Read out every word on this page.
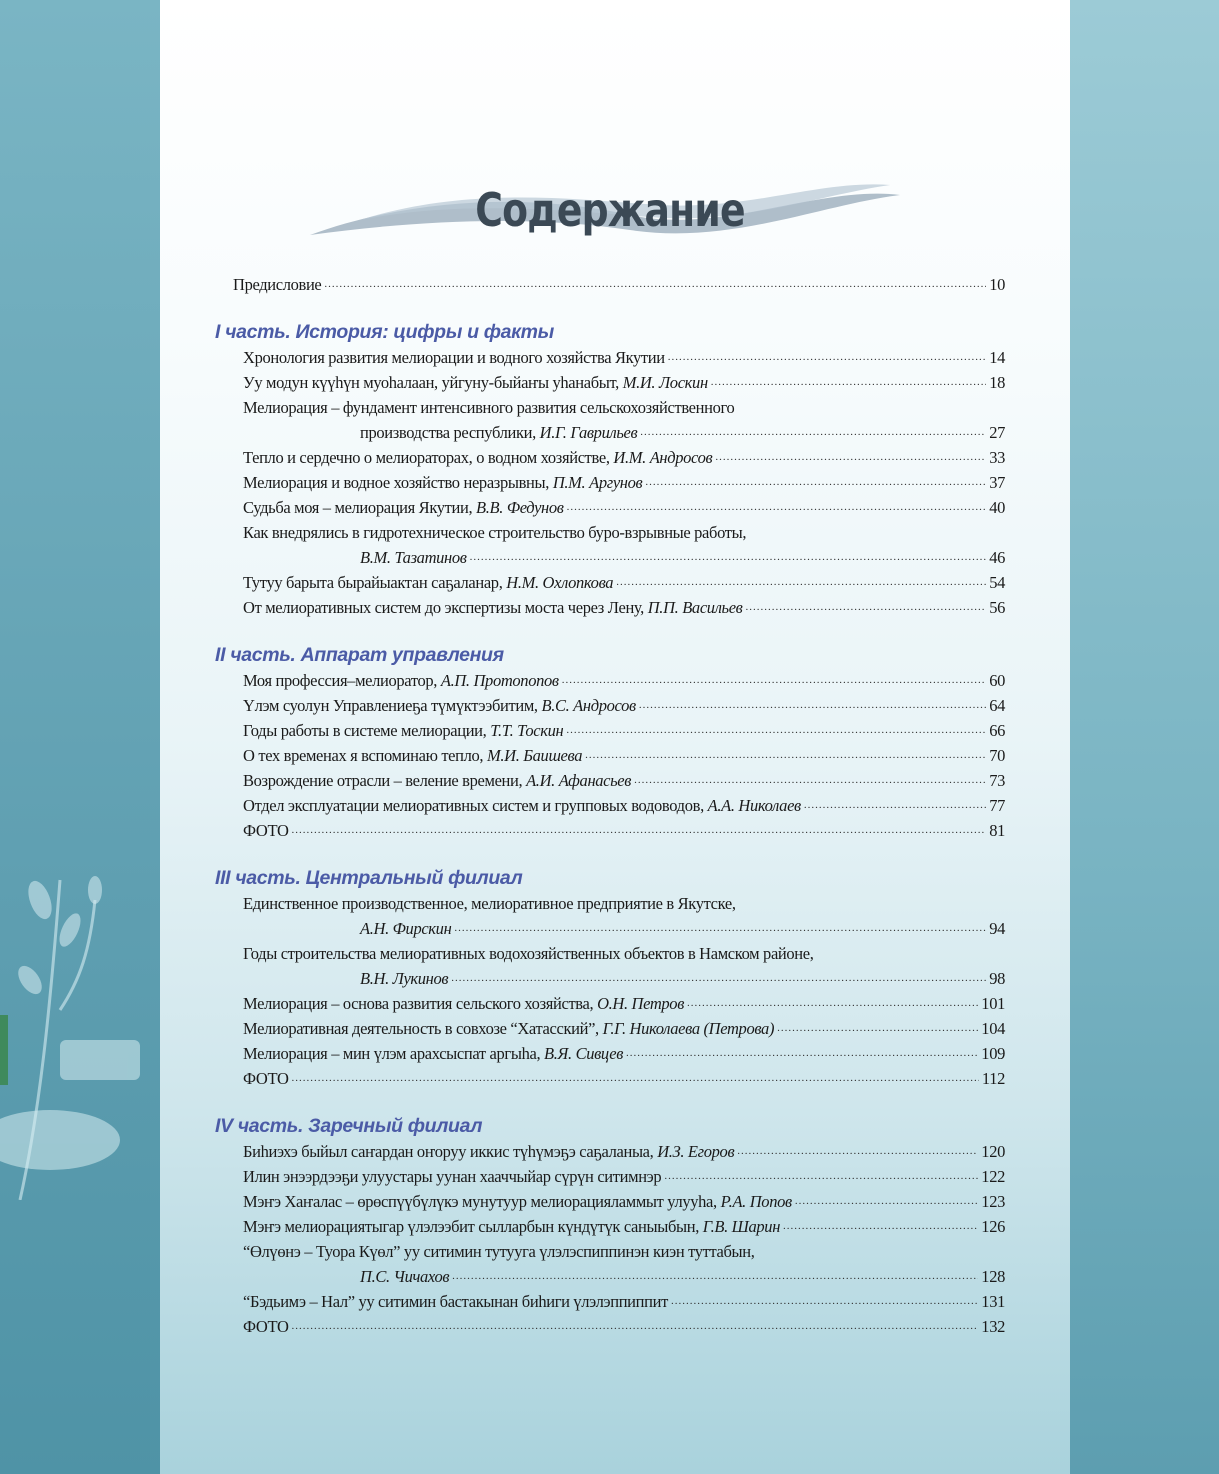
Содержание
Предисловие .....	10
I часть. История: цифры и факты
Хронология развития мелиорации и водного хозяйства Якутии .....	14
Уу модун күүһүн муоһалаан, уйгуну-быйаҥы уһанабыт, М.И. Лоскин .....	18
Мелиорация – фундамент интенсивного развития сельскохозяйственного
производства республики, И.Г. Гаврильев .....	27
Тепло и сердечно о мелиораторах, о водном хозяйстве, И.М. Андросов .....	33
Мелиорация и водное хозяйство неразрывны, П.М. Аргунов .....	37
Судьба моя – мелиорация Якутии, В.В. Федунов .....	40
Как внедрялись в гидротехническое строительство буро-взрывные работы,
В.М. Тазатинов .....	46
Тутуу барыта бырайыактан саҕаланар, Н.М. Охлопкова .....	54
От мелиоративных систем до экспертизы моста через Лену, П.П. Васильев .....	56
II часть. Аппарат управления
Моя профессия–мелиоратор, А.П. Протопопов .....	60
Үлэм суолун Управлениеҕа түмүктээбитим, В.С. Андросов .....	64
Годы работы в системе мелиорации, Т.Т. Тоскин .....	66
О тех временах я вспоминаю тепло, М.И. Баишева .....	70
Возрождение отрасли – веление времени, А.И. Афанасьев .....	73
Отдел эксплуатации мелиоративных систем и групповых водоводов, А.А. Николаев .....	77
ФОТО .....	81
III часть. Центральный филиал
Единственное производственное, мелиоративное предприятие в Якутске,
А.Н. Фирскин .....	94
Годы строительства мелиоративных водохозяйственных объектов в Намском районе,
В.Н. Лукинов .....	98
Мелиорация – основа развития сельского хозяйства, О.Н. Петров .....	101
Мелиоративная деятельность в совхозе “Хатасский”, Г.Г. Николаева (Петрова) .....	104
Мелиорация – мин үлэм арахсыспат аргыһа, В.Я. Сивцев .....	109
ФОТО .....	112
IV часть. Заречный филиал
Биһиэхэ быйыл саҥардан оҥоруу иккис түһүмэҕэ саҕаланыа, И.З. Егоров .....	120
Илин энээрдээҕи улуустары уунан хааччыйар сүрүн ситимнэр .....	122
Мэҥэ Хаҥалас – өрөспүүбүлүкэ мунутуур мелиорацияламмыт улууһа, Р.А. Попов .....	123
Мэҥэ мелиорациятыгар үлэлээбит сылларбын күндүтүк саныыбын, Г.В. Шарин .....	126
“Өлүөнэ – Туора Күөл” уу ситимин тутууга үлэлэспиппинэн киэн туттабын,
П.С. Чичахов .....	128
“Бэдьимэ – Нал” уу ситимин бастакынан биһиги үлэлэппиппит .....	131
ФОТО .....	132
